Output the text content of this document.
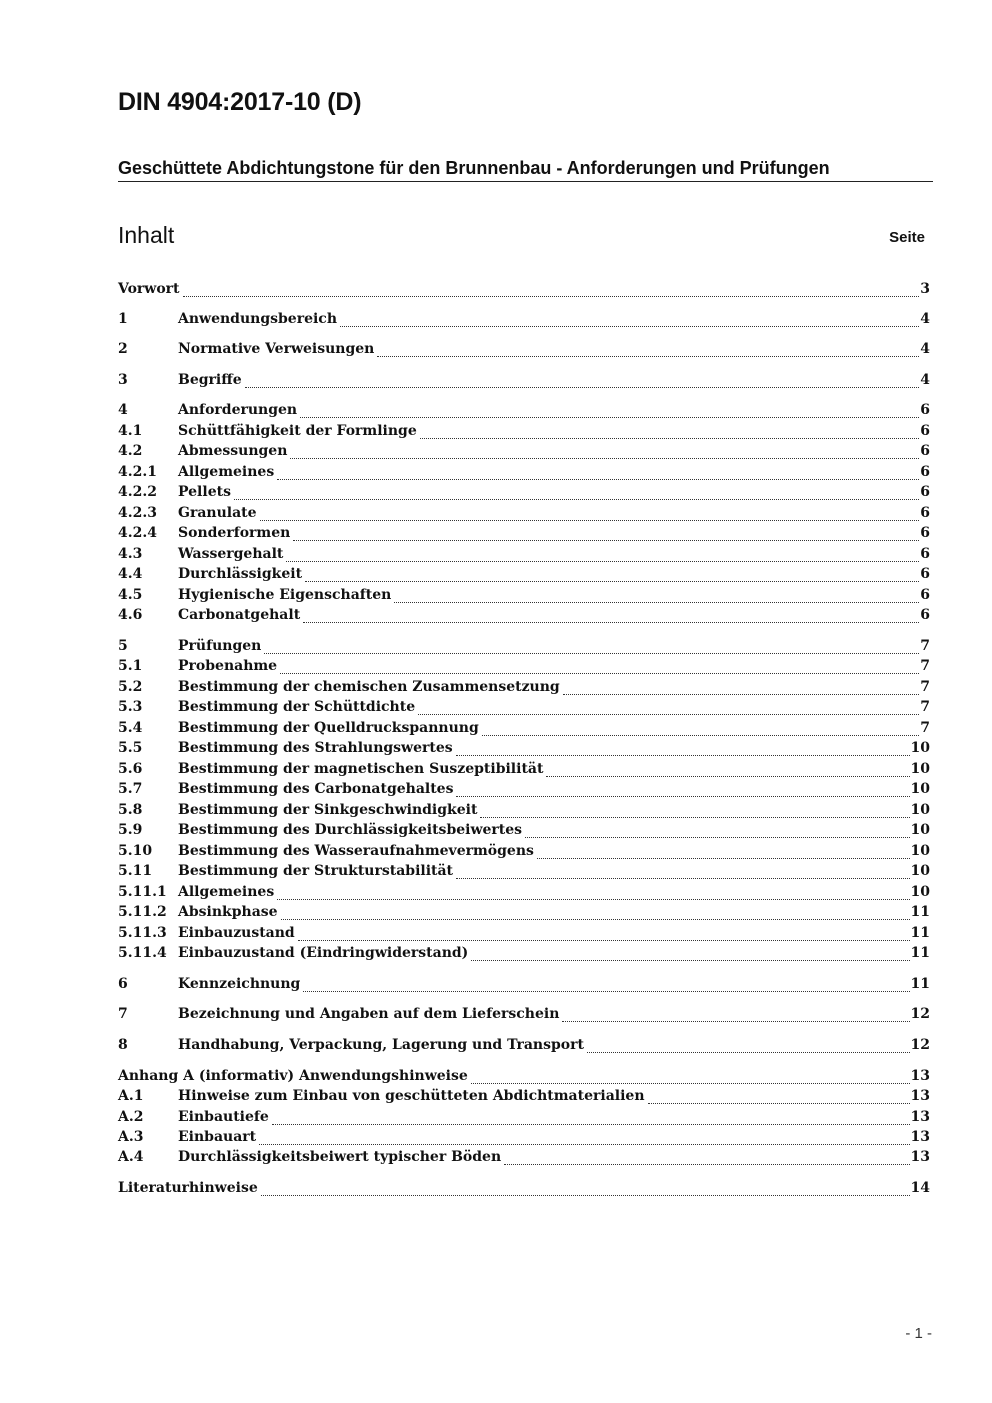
DIN 4904:2017-10 (D)
Geschüttete Abdichtungstone für den Brunnenbau - Anforderungen und Prüfungen
Inhalt	Seite
Vorwort	3
1	Anwendungsbereich	4
2	Normative Verweisungen	4
3	Begriffe	4
4	Anforderungen	6
4.1	Schüttfähigkeit der Formlinge	6
4.2	Abmessungen	6
4.2.1	Allgemeines	6
4.2.2	Pellets	6
4.2.3	Granulate	6
4.2.4	Sonderformen	6
4.3	Wassergehalt	6
4.4	Durchlässigkeit	6
4.5	Hygienische Eigenschaften	6
4.6	Carbonatgehalt	6
5	Prüfungen	7
5.1	Probenahme	7
5.2	Bestimmung der chemischen Zusammensetzung	7
5.3	Bestimmung der Schüttdichte	7
5.4	Bestimmung der Quelldruckspannung	7
5.5	Bestimmung des Strahlungswertes	10
5.6	Bestimmung der magnetischen Suszeptibilität	10
5.7	Bestimmung des Carbonatgehaltes	10
5.8	Bestimmung der Sinkgeschwindigkeit	10
5.9	Bestimmung des Durchlässigkeitsbeiwertes	10
5.10	Bestimmung des Wasseraufnahmevermögens	10
5.11	Bestimmung der Strukturstabilität	10
5.11.1 Allgemeines	10
5.11.2 Absinkphase	11
5.11.3 Einbauzustand	11
5.11.4 Einbauzustand (Eindringwiderstand)	11
6	Kennzeichnung	11
7	Bezeichnung und Angaben auf dem Lieferschein	12
8	Handhabung, Verpackung, Lagerung und Transport	12
Anhang A (informativ) Anwendungshinweise	13
A.1	Hinweise zum Einbau von geschütteten Abdichtmaterialien	13
A.2	Einbautiefe	13
A.3	Einbauart	13
A.4	Durchlässigkeitsbeiwert typischer Böden	13
Literaturhinweise	14
- 1 -
